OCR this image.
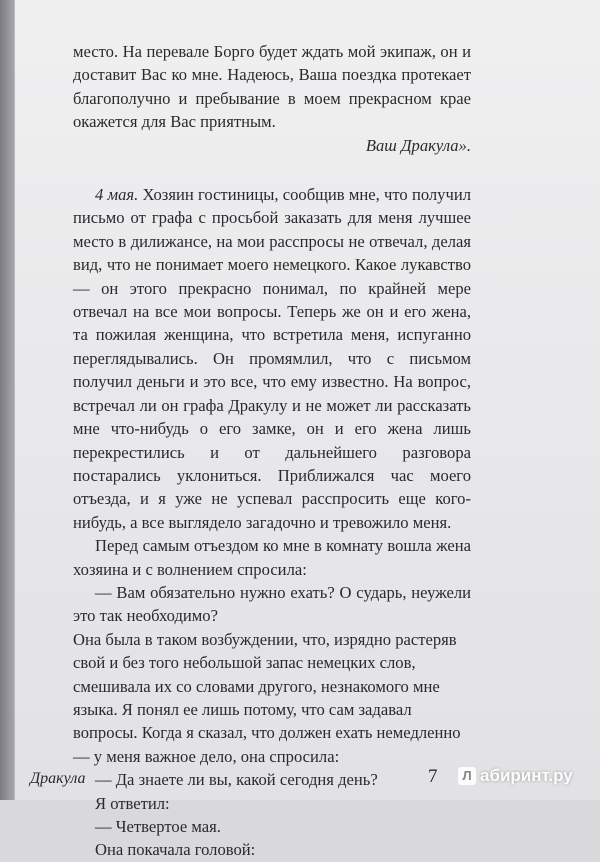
место. На перевале Борго будет ждать мой экипаж, он и доставит Вас ко мне. Надеюсь, Ваша поездка протекает благополучно и пребывание в моем прекрасном крае окажется для Вас приятным.

Ваш Дракула».

4 мая. Хозяин гостиницы, сообщив мне, что получил письмо от графа с просьбой заказать для меня лучшее место в дилижансе, на мои расспросы не отвечал, делая вид, что не понимает моего немецкого. Какое лукавство — он этого прекрасно понимал, по крайней мере отвечал на все мои вопросы. Теперь же он и его жена, та пожилая женщина, что встретила меня, испуганно переглядывались. Он промямлил, что с письмом получил деньги и это все, что ему известно. На вопрос, встречал ли он графа Дракулу и не может ли рассказать мне что-нибудь о его замке, он и его жена лишь перекрестились и от дальнейшего разговора постарались уклониться. Приближался час моего отъезда, и я уже не успевал расспросить еще кого-нибудь, а все выглядело загадочно и тревожило меня.

Перед самым отъездом ко мне в комнату вошла жена хозяина и с волнением спросила:

— Вам обязательно нужно ехать? О сударь, неужели это так необходимо?

Она была в таком возбуждении, что, изрядно растеряв свой и без того небольшой запас немецких слов, смешивала их со словами другого, незнакомого мне языка. Я понял ее лишь потому, что сам задавал вопросы. Когда я сказал, что должен ехать немедленно — у меня важное дело, она спросила:

— Да знаете ли вы, какой сегодня день?

Я ответил:

— Четвертое мая.

Она покачала головой:

Дракула	7	Л абиринт.ру
